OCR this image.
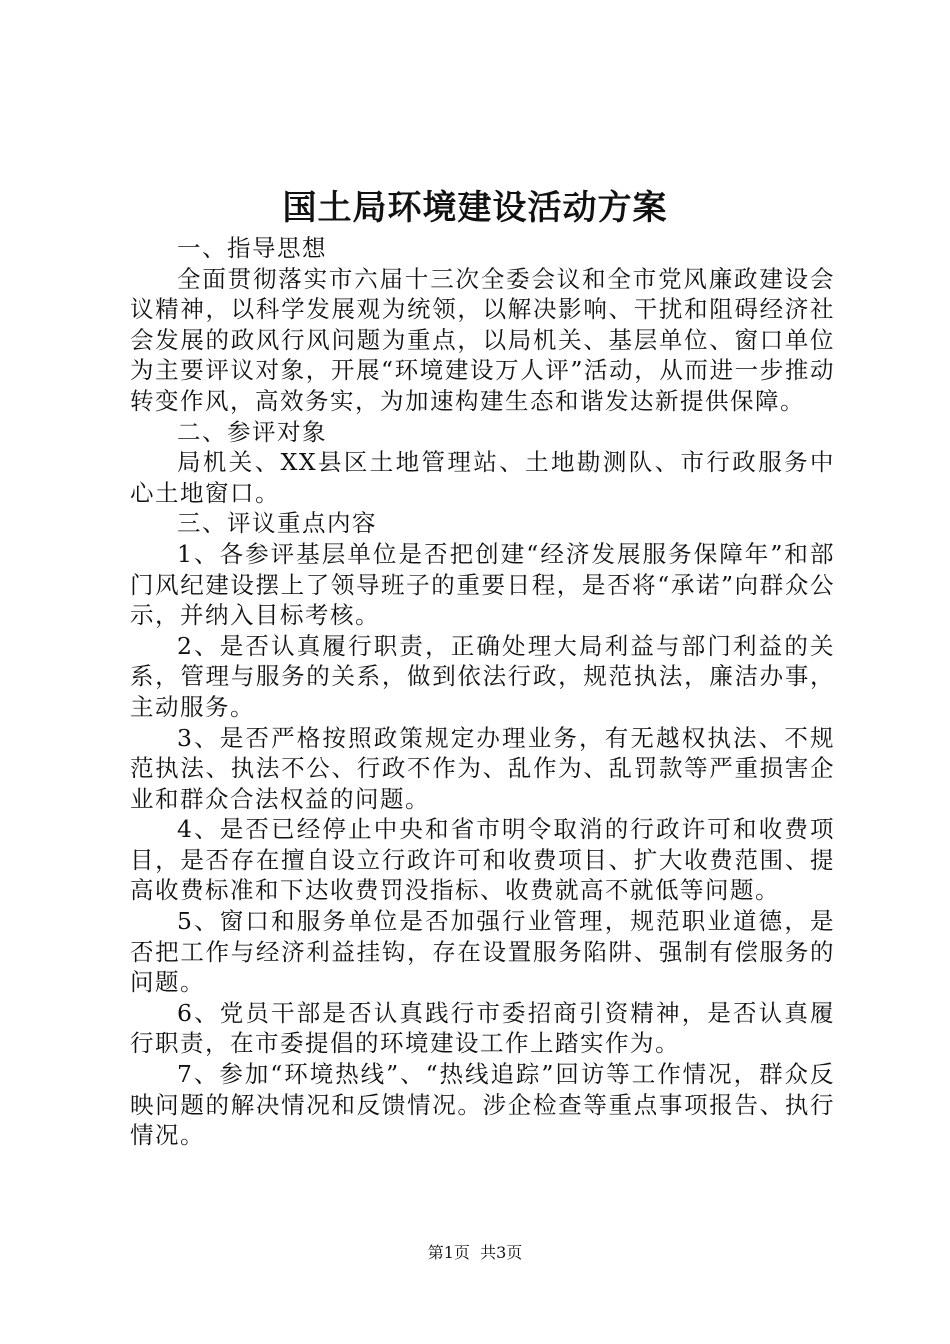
国土局环境建设活动方案

一、指导思想

全面贯彻落实市六届十三次全委会议和全市党风廉政建设会议精神，以科学发展观为统领，以解决影响、干扰和阻碍经济社会发展的政风行风问题为重点，以局机关、基层单位、窗口单位为主要评议对象，开展“环境建设万人评”活动，从而进一步推动转变作风，高效务实，为加速构建生态和谐发达新提供保障。

二、参评对象

局机关、XX县区土地管理站、土地勘测队、市行政服务中心土地窗口。

三、评议重点内容

1、各参评基层单位是否把创建“经济发展服务保障年”和部门风纪建设摆上了领导班子的重要日程，是否将“承诺”向群众公示，并纳入目标考核。

2、是否认真履行职责，正确处理大局利益与部门利益的关系，管理与服务的关系，做到依法行政，规范执法，廉洁办事，主动服务。

3、是否严格按照政策规定办理业务，有无越权执法、不规范执法、执法不公、行政不作为、乱作为、乱罚款等严重损害企业和群众合法权益的问题。

4、是否已经停止中央和省市明令取消的行政许可和收费项目，是否存在擅自设立行政许可和收费项目、扩大收费范围、提高收费标准和下达收费罚没指标、收费就高不就低等问题。

5、窗口和服务单位是否加强行业管理，规范职业道德，是否把工作与经济利益挂钩，存在设置服务陷阱、强制有偿服务的问题。

6、党员干部是否认真践行市委招商引资精神，是否认真履行职责，在市委提倡的环境建设工作上踏实作为。

7、参加“环境热线”、“热线追踪”回访等工作情况，群众反映问题的解决情况和反馈情况。涉企检查等重点事项报告、执行情况。

第1页 共3页
